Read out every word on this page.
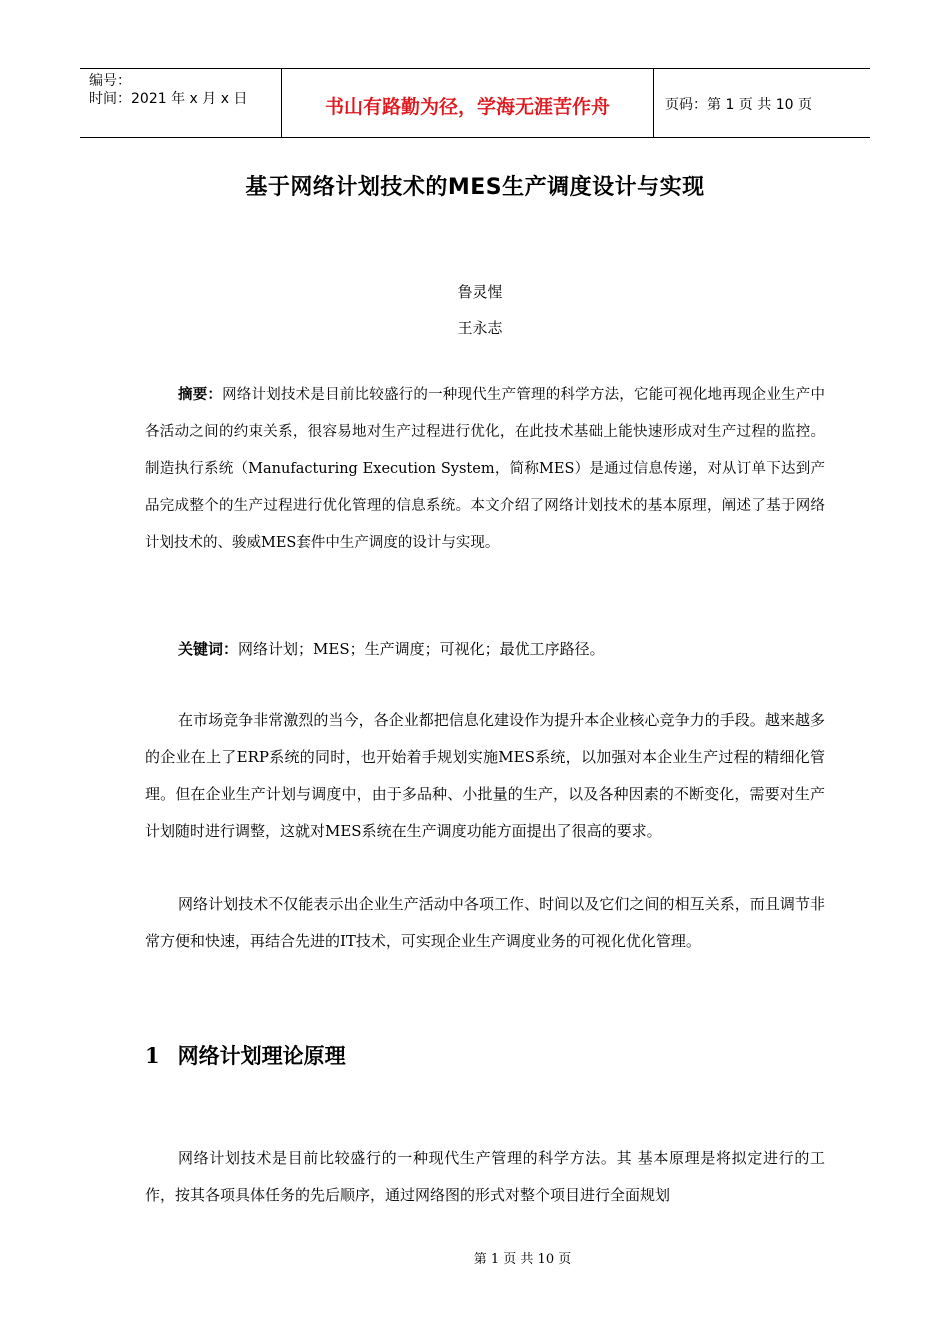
编号：
时间：2021 年 x 月 x 日	书山有路勤为径，学海无涯苦作舟	页码：第 1 页 共 10 页
基于网络计划技术的MES生产调度设计与实现
鲁灵惺
王永志

摘要：网络计划技术是目前比较盛行的一种现代生产管理的科学方法，它能可视化地再现企业生产中各活动之间的约束关系，很容易地对生产过程进行优化，在此技术基础上能快速形成对生产过程的监控。制造执行系统（Manufacturing Execution System，简称MES）是通过信息传递，对从订单下达到产品完成整个的生产过程进行优化管理的信息系统。本文介绍了网络计划技术的基本原理，阐述了基于网络计划技术的、骏威MES套件中生产调度的设计与实现。

关键词：网络计划；MES；生产调度；可视化；最优工序路径。

在市场竞争非常激烈的当今，各企业都把信息化建设作为提升本企业核心竞争力的手段。越来越多的企业在上了ERP系统的同时，也开始着手规划实施MES系统，以加强对本企业生产过程的精细化管理。但在企业生产计划与调度中，由于多品种、小批量的生产，以及各种因素的不断变化，需要对生产计划随时进行调整，这就对MES系统在生产调度功能方面提出了很高的要求。

网络计划技术不仅能表示出企业生产活动中各项工作、时间以及它们之间的相互关系，而且调节非常方便和快速，再结合先进的IT技术，可实现企业生产调度业务的可视化优化管理。

1 网络计划理论原理

网络计划技术是目前比较盛行的一种现代生产管理的科学方法。其 基本原理是将拟定进行的工作，按其各项具体任务的先后顺序，通过网络图的形式对整个项目进行全面规划

第 1 页 共 10 页
